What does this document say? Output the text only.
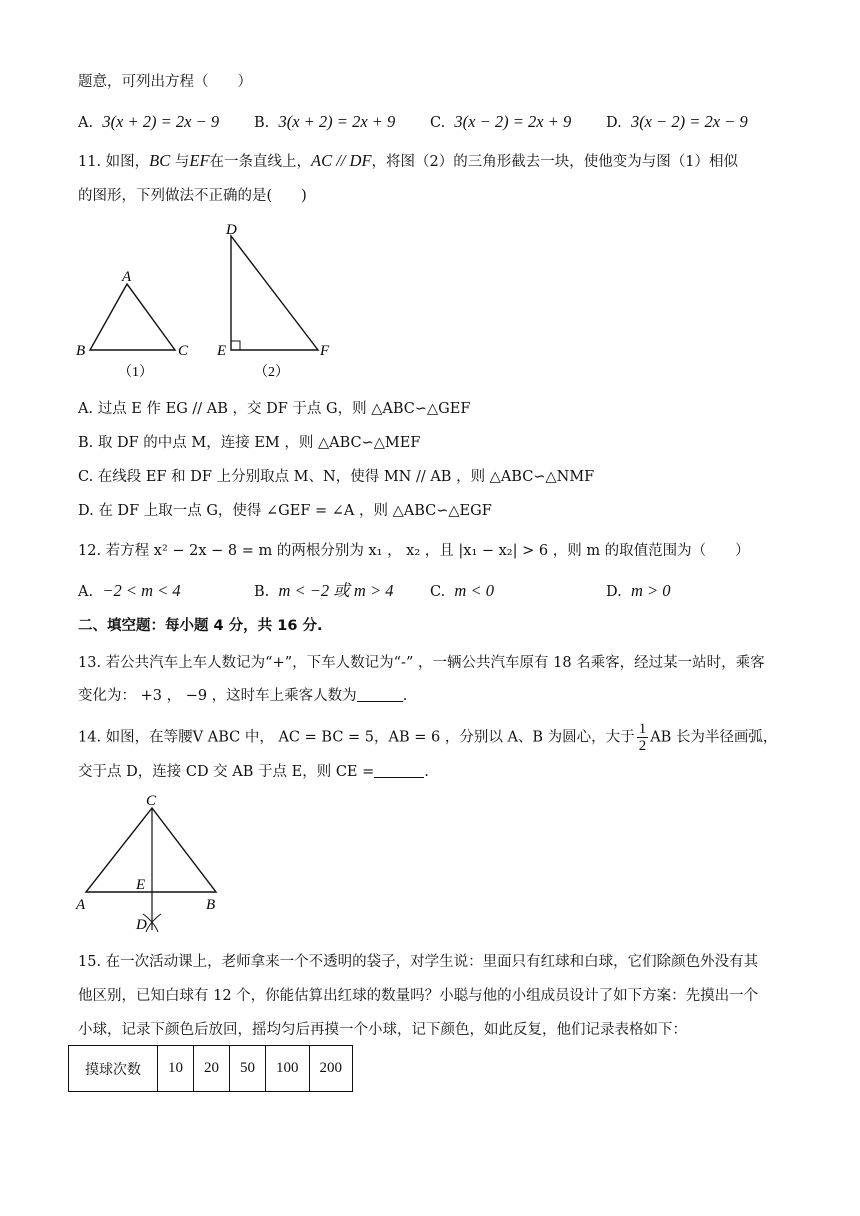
题意，可列出方程（　　）
A. 3(x + 2) = 2x − 9 B. 3(x + 2) = 2x + 9 C. 3(x − 2) = 2x + 9 D. 3(x − 2) = 2x − 9
11. 如图，BC 与EF在一条直线上，AC // DF，将图（2）的三角形截去一块，使他变为与图（1）相似
的图形，下列做法不正确的是(　　)
A
B	C
（1）
D
E	F
（2）
A. 过点 E 作 EG // AB ，交 DF 于点 G，则 △ABC∽△GEF
B. 取 DF 的中点 M，连接 EM ，则 △ABC∽△MEF
C. 在线段 EF 和 DF 上分别取点 M、N，使得 MN // AB ，则 △ABC∽△NMF
D. 在 DF 上取一点 G，使得 ∠GEF = ∠A ，则 △ABC∽△EGF
12. 若方程 x² − 2x − 8 = m 的两根分别为 x₁ ， x₂ ，且 |x₁ − x₂| > 6 ，则 m 的取值范围为（　　）
A. −2 < m < 4	B. m < −2 或 m > 4	C. m < 0	D. m > 0
二、填空题：每小题 4 分，共 16 分.
13. 若公共汽车上车人数记为“+”，下车人数记为“-” ，一辆公共汽车原有 18 名乘客，经过某一站时，乘客
变化为： +3 ， −9 ，这时车上乘客人数为	.
14. 如图，在等腰V ABC 中， AC = BC = 5，AB = 6 ，分别以 A、B 为圆心，大于 $\frac{1}{2}$ AB 长为半径画弧，
交于点 D，连接 CD 交 AB 于点 E，则 CE =	.
C
E
A	B
D
15. 在一次活动课上，老师拿来一个不透明的袋子，对学生说：里面只有红球和白球，它们除颜色外没有其
他区别，已知白球有 12 个，你能估算出红球的数量吗？小聪与他的小组成员设计了如下方案：先摸出一个
小球，记录下颜色后放回，摇均匀后再摸一个小球，记下颜色，如此反复，他们记录表格如下：
摸球次数	10	20	50	100	200
